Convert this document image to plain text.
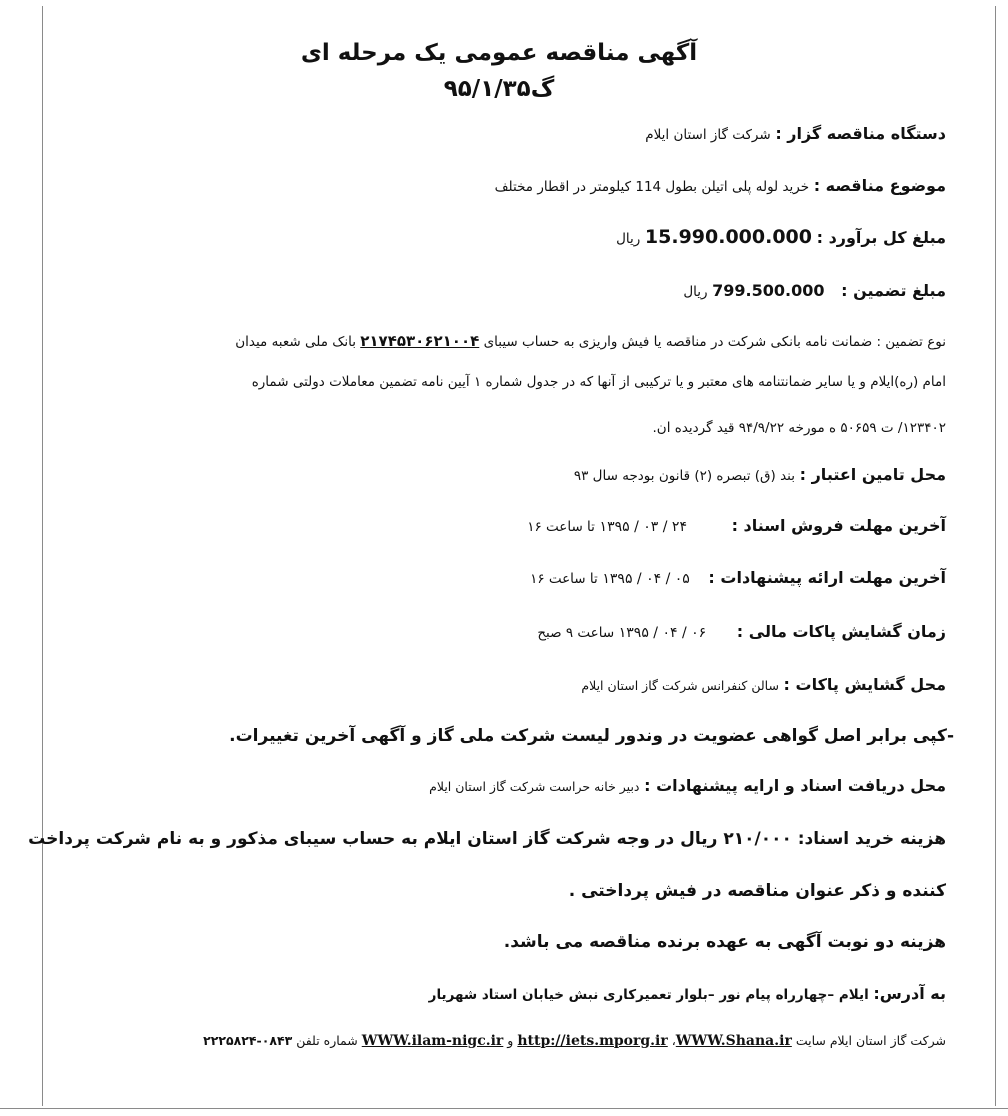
آگهی مناقصه عمومی یک مرحله ای
گ۹۵/۱/۳۵
دستگاه مناقصه گزار : شرکت گاز استان ایلام
موضوع مناقصه : خرید لوله پلی اتیلن بطول 114 کیلومتر در اقطار مختلف
مبلغ کل برآورد : 15.990.000.000 ریال
مبلغ تضمین : 799.500.000 ریال
نوع تضمین : ضمانت نامه بانکی شرکت در مناقصه یا فیش واریزی به حساب سیبای ۲۱۷۴۵۳۰۶۲۱۰۰۴ بانک ملی شعبه میدان
امام (ره)ایلام و یا سایر ضمانتنامه های معتبر و یا ترکیبی از آنها که در جدول شماره ۱ آیین نامه تضمین معاملات دولتی شماره
۱۲۳۴۰۲/ ت ۵۰۶۵۹ ه مورخه ۹۴/۹/۲۲ قید گردیده ان.
محل تامین اعتبار : بند (ق) تبصره (۲) قانون بودجه سال ۹۳
آخرین مهلت فروش اسناد : ۲۴ / ۰۳ / ۱۳۹۵ تا ساعت ۱۶
آخرین مهلت ارائه پیشنهادات : ۰۵ / ۰۴ / ۱۳۹۵ تا ساعت ۱۶
زمان گشایش پاکات مالی : ۰۶ / ۰۴ / ۱۳۹۵ ساعت ۹ صبح
محل گشایش پاکات : سالن کنفرانس شرکت گاز استان ایلام
-کپی برابر اصل گواهی عضویت در وندور لیست شرکت ملی گاز و آگهی آخرین تغییرات.
محل دریافت اسناد و ارایه پیشنهادات : دبیر خانه حراست شرکت گاز استان ایلام
هزینه خرید اسناد: ۲۱۰/۰۰۰ ریال در وجه شرکت گاز استان ایلام به حساب سیبای مذکور و به نام شرکت پرداخت
کننده و ذکر عنوان مناقصه در فیش پرداختی .
هزینه دو نوبت آگهی به عهده برنده مناقصه می باشد.
به آدرس: ایلام –چهارراه پیام نور –بلوار تعمیرکاری نبش خیابان استاد شهریار
شرکت گاز استان ایلام سایت WWW.Shana.ir، http://iets.mporg.ir و WWW.ilam-nigc.ir شماره تلفن ۰۸۴۳-۲۲۲۵۸۲۴
